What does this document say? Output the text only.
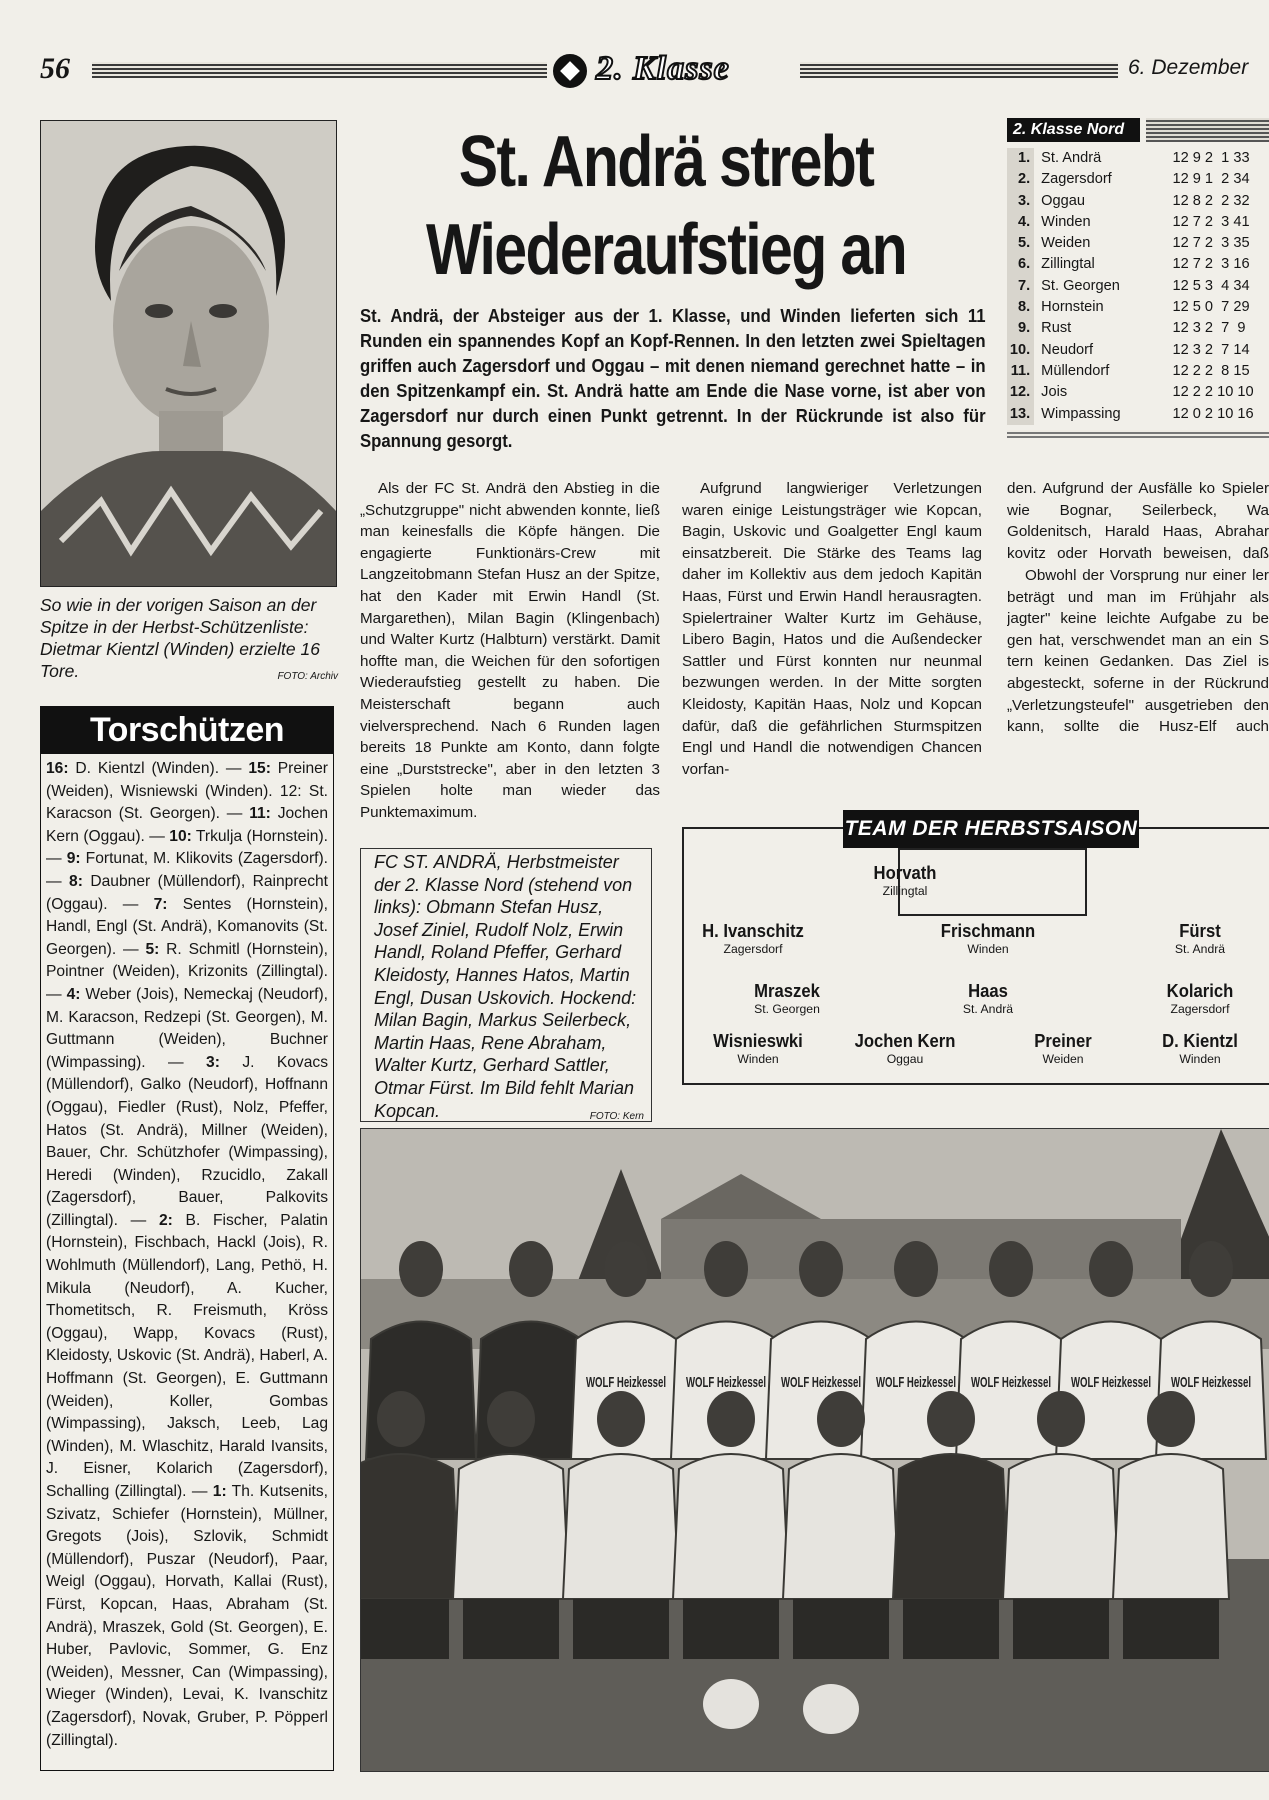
56	2. Klasse	6. Dezember
So wie in der vorigen Saison an der Spitze in der Herbst-Schützenliste: Dietmar Kientzl (Winden) erzielte 16 Tore.	FOTO: Archiv
Torschützen
16: D. Kientzl (Winden). — 15: Preiner (Weiden), Wisniewski (Winden). 12: St. Karacson (St. Georgen). — 11: Jochen Kern (Oggau). — 10: Trkulja (Hornstein). — 9: Fortunat, M. Klikovits (Zagersdorf). — 8: Daubner (Müllendorf), Rainprecht (Oggau). — 7: Sentes (Hornstein), Handl, Engl (St. Andrä), Komanovits (St. Georgen). — 5: R. Schmitl (Hornstein), Pointner (Weiden), Krizonits (Zillingtal). — 4: Weber (Jois), Nemeckaj (Neudorf), M. Karacson, Redzepi (St. Georgen), M. Guttmann (Weiden), Buchner (Wimpassing). — 3: J. Kovacs (Müllendorf), Galko (Neudorf), Hoffnann (Oggau), Fiedler (Rust), Nolz, Pfeffer, Hatos (St. Andrä), Millner (Weiden), Bauer, Chr. Schützhofer (Wimpassing), Heredi (Winden), Rzucidlo, Zakall (Zagersdorf), Bauer, Palkovits (Zillingtal). — 2: B. Fischer, Palatin (Hornstein), Fischbach, Hackl (Jois), R. Wohlmuth (Müllendorf), Lang, Pethö, H. Mikula (Neudorf), A. Kucher, Thometitsch, R. Freismuth, Kröss (Oggau), Wapp, Kovacs (Rust), Kleidosty, Uskovic (St. Andrä), Haberl, A. Hoffmann (St. Georgen), E. Guttmann (Weiden), Koller, Gombas (Wimpassing), Jaksch, Leeb, Lag (Winden), M. Wlaschitz, Harald Ivansits, J. Eisner, Kolarich (Zagersdorf), Schalling (Zillingtal). — 1: Th. Kutsenits, Szivatz, Schiefer (Hornstein), Müllner, Gregots (Jois), Szlovik, Schmidt (Müllendorf), Puszar (Neudorf), Paar, Weigl (Oggau), Horvath, Kallai (Rust), Fürst, Kopcan, Haas, Abraham (St. Andrä), Mraszek, Gold (St. Georgen), E. Huber, Pavlovic, Sommer, G. Enz (Weiden), Messner, Can (Wimpassing), Wieger (Winden), Levai, K. Ivanschitz (Zagersdorf), Novak, Gruber, P. Pöpperl (Zillingtal).
St. Andrä strebt
Wiederaufstieg an
St. Andrä, der Absteiger aus der 1. Klasse, und Winden lieferten sich 11 Runden ein spannendes Kopf an Kopf-Rennen. In den letzten zwei Spieltagen griffen auch Zagersdorf und Oggau – mit denen niemand gerechnet hatte – in den Spitzenkampf ein. St. Andrä hatte am Ende die Nase vorne, ist aber von Zagersdorf nur durch einen Punkt getrennt. In der Rückrunde ist also für Spannung gesorgt.
Als der FC St. Andrä den Abstieg in die „Schutzgruppe" nicht abwenden konnte, ließ man keinesfalls die Köpfe hängen. Die engagierte Funktionärs-Crew mit Langzeitobmann Stefan Husz an der Spitze, hat den Kader mit Erwin Handl (St. Margarethen), Milan Bagin (Klingenbach) und Walter Kurtz (Halbturn) verstärkt. Damit hoffte man, die Weichen für den sofortigen Wiederaufstieg gestellt zu haben. Die Meisterschaft begann auch vielversprechend. Nach 6 Runden lagen bereits 18 Punkte am Konto, dann folgte eine „Durststrecke", aber in den letzten 3 Spielen holte man wieder das Punktemaximum.
Aufgrund langwieriger Verletzungen waren einige Leistungsträger wie Kopcan, Bagin, Uskovic und Goalgetter Engl kaum einsatzbereit. Die Stärke des Teams lag daher im Kollektiv aus dem jedoch Kapitän Haas, Fürst und Erwin Handl herausragten. Spielertrainer Walter Kurtz im Gehäuse, Libero Bagin, Hatos und die Außendecker Sattler und Fürst konnten nur neunmal bezwungen werden. In der Mitte sorgten Kleidosty, Kapitän Haas, Nolz und Kopcan dafür, daß die gefährlichen Sturmspitzen Engl und Handl die notwendigen Chancen vorfan-
den. Aufgrund der Ausfälle ko Spieler wie Bognar, Seilerbeck, Wa Goldenitsch, Harald Haas, Abrahar kovitz oder Horvath beweisen, daß
Obwohl der Vorsprung nur einer ler beträgt und man im Frühjahr als jagter" keine leichte Aufgabe zu be gen hat, verschwendet man an ein S tern keinen Gedanken. Das Ziel is abgesteckt, soferne in der Rückrund „Verletzungsteufel" ausgetrieben den kann, sollte die Husz-Elf auch
2. Klasse Nord
1. St. Andrä	12 9 2  1 33
2. Zagersdorf	12 9 1  2 34
3. Oggau	12 8 2  2 32
4. Winden	12 7 2  3 41
5. Weiden	12 7 2  3 35
6. Zillingtal	12 7 2  3 16
7. St. Georgen	12 5 3  4 34
8. Hornstein	12 5 0  7 29
9. Rust	12 3 2  7  9
10. Neudorf	12 3 2  7 14
11. Müllendorf	12 2 2  8 15
12. Jois	12 2 2 10 10
13. Wimpassing	12 0 2 10 16
FC ST. ANDRÄ, Herbstmeister der 2. Klasse Nord (stehend von links): Obmann Stefan Husz, Josef Ziniel, Rudolf Nolz, Erwin Handl, Roland Pfeffer, Gerhard Kleidosty, Hannes Hatos, Martin Engl, Dusan Uskovich. Hockend: Milan Bagin, Markus Seilerbeck, Martin Haas, Rene Abraham, Walter Kurtz, Gerhard Sattler, Otmar Fürst. Im Bild fehlt Marian Kopcan.	FOTO: Kern
TEAM DER HERBSTSAISON
Horvath
Zillingtal
H. Ivanschitz
Zagersdorf
Frischmann
Winden
Fürst
St. Andrä
Mraszek
St. Georgen
Haas
St. Andrä
Kolarich
Zagersdorf
Wisnieswki
Winden
Jochen Kern
Oggau
Preiner
Weiden
D. Kientzl
Winden
WOLF Heizkessel WOLF Heizkessel WOLF Heizkessel WOLF Heizkessel WOLF Heizkessel WOLF Heizkessel WOLF Heizkessel
